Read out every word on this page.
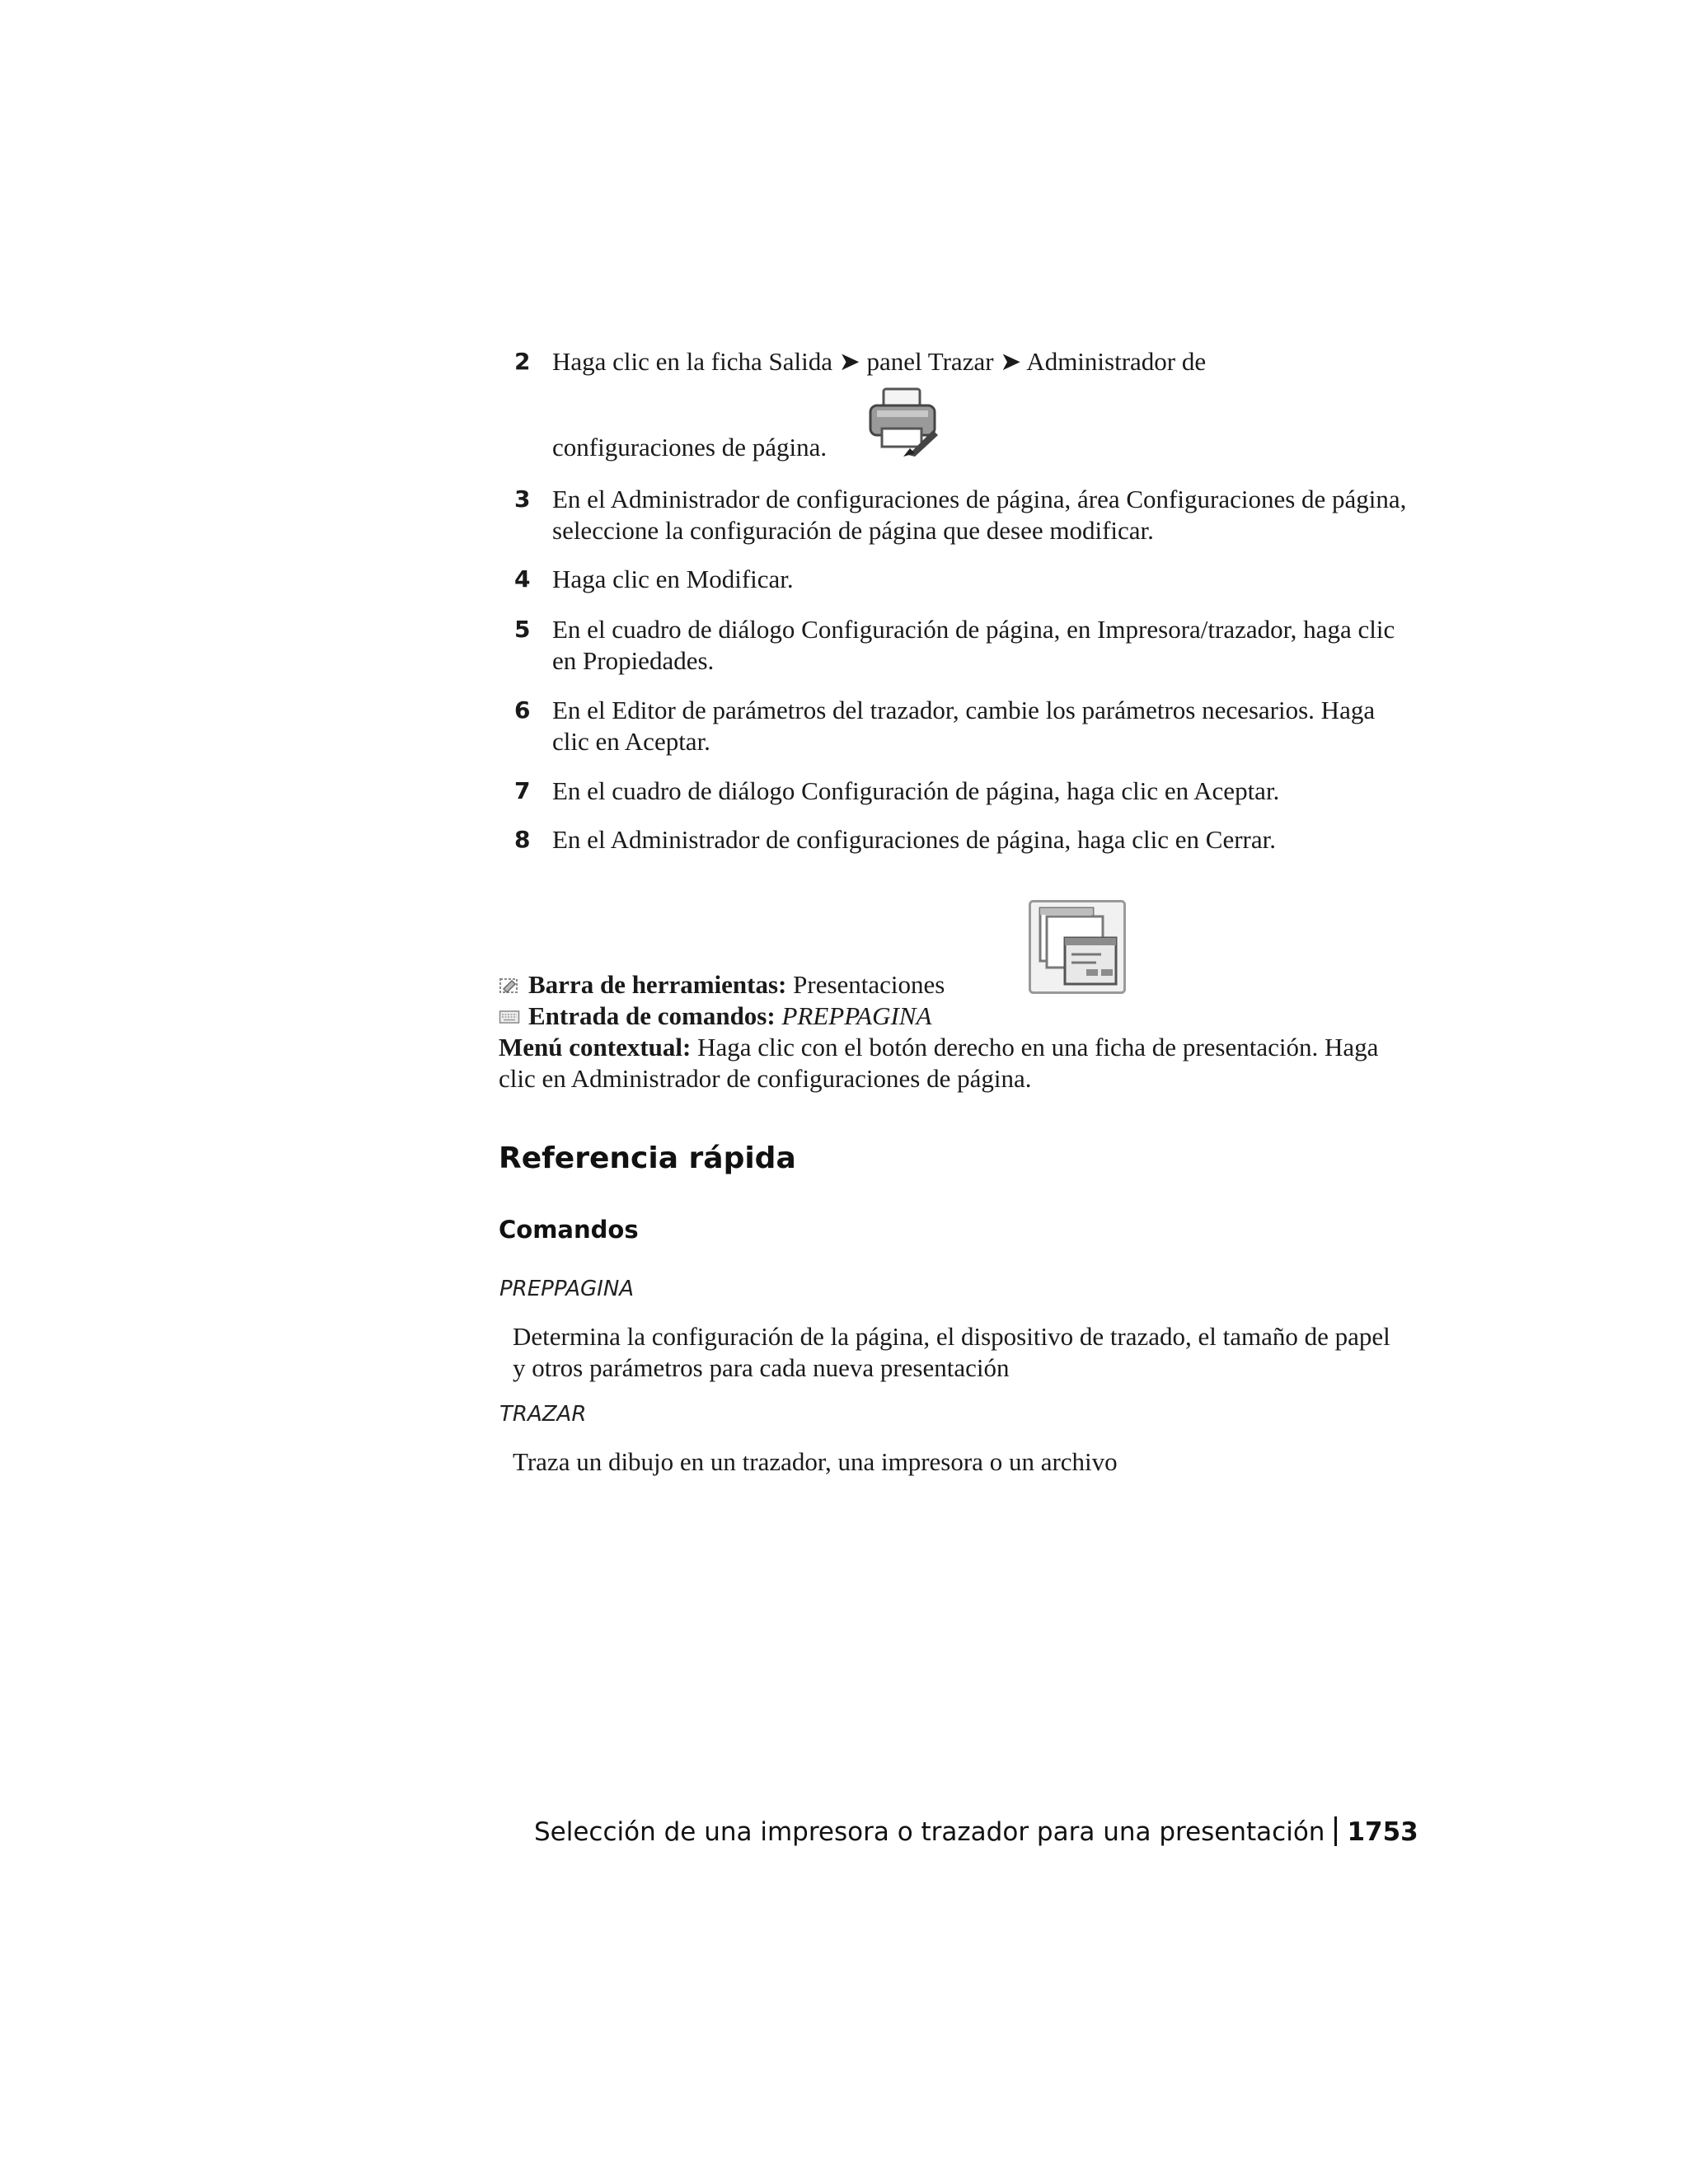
2 Haga clic en la ficha Salida ➤ panel Trazar ➤ Administrador de
configuraciones de página.
3 En el Administrador de configuraciones de página, área Configuraciones de página, seleccione la configuración de página que desee modificar.
4 Haga clic en Modificar.
5 En el cuadro de diálogo Configuración de página, en Impresora/trazador, haga clic en Propiedades.
6 En el Editor de parámetros del trazador, cambie los parámetros necesarios. Haga clic en Aceptar.
7 En el cuadro de diálogo Configuración de página, haga clic en Aceptar.
8 En el Administrador de configuraciones de página, haga clic en Cerrar.
Barra de herramientas: Presentaciones
Entrada de comandos: PREPPAGINA
Menú contextual: Haga clic con el botón derecho en una ficha de presentación. Haga clic en Administrador de configuraciones de página.
Referencia rápida
Comandos
PREPPAGINA
Determina la configuración de la página, el dispositivo de trazado, el tamaño de papel y otros parámetros para cada nueva presentación
TRAZAR
Traza un dibujo en un trazador, una impresora o un archivo
Selección de una impresora o trazador para una presentación 1753
